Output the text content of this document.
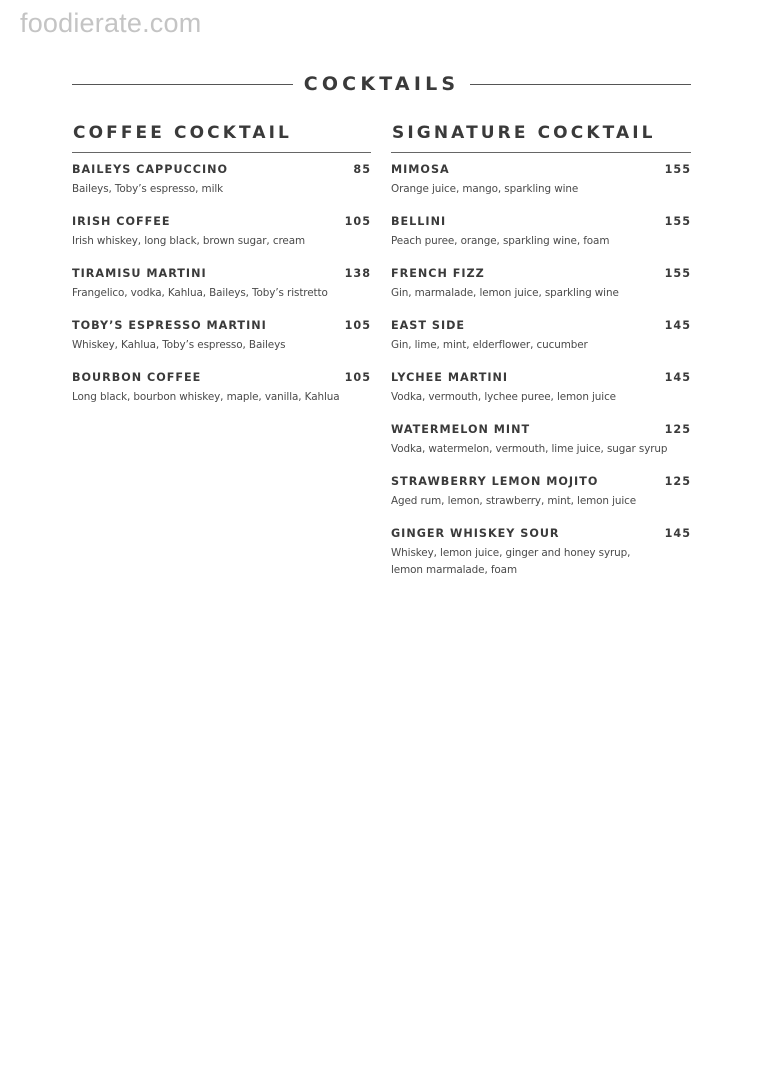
foodierate.com
COCKTAILS
COFFEE COCKTAIL
BAILEYS CAPPUCCINO	85
Baileys, Toby’s espresso, milk
IRISH COFFEE	105
Irish whiskey, long black, brown sugar, cream
TIRAMISU MARTINI	138
Frangelico, vodka, Kahlua, Baileys, Toby’s ristretto
TOBY’S ESPRESSO MARTINI	105
Whiskey, Kahlua, Toby’s espresso, Baileys
BOURBON COFFEE	105
Long black, bourbon whiskey, maple, vanilla, Kahlua
SIGNATURE COCKTAIL
MIMOSA	155
Orange juice, mango, sparkling wine
BELLINI	155
Peach puree, orange, sparkling wine, foam
FRENCH FIZZ	155
Gin, marmalade, lemon juice, sparkling wine
EAST SIDE	145
Gin, lime, mint, elderflower, cucumber
LYCHEE MARTINI	145
Vodka, vermouth, lychee puree, lemon juice
WATERMELON MINT	125
Vodka, watermelon, vermouth, lime juice, sugar syrup
STRAWBERRY LEMON MOJITO	125
Aged rum, lemon, strawberry, mint, lemon juice
GINGER WHISKEY SOUR	145
Whiskey, lemon juice, ginger and honey syrup,
lemon marmalade, foam
